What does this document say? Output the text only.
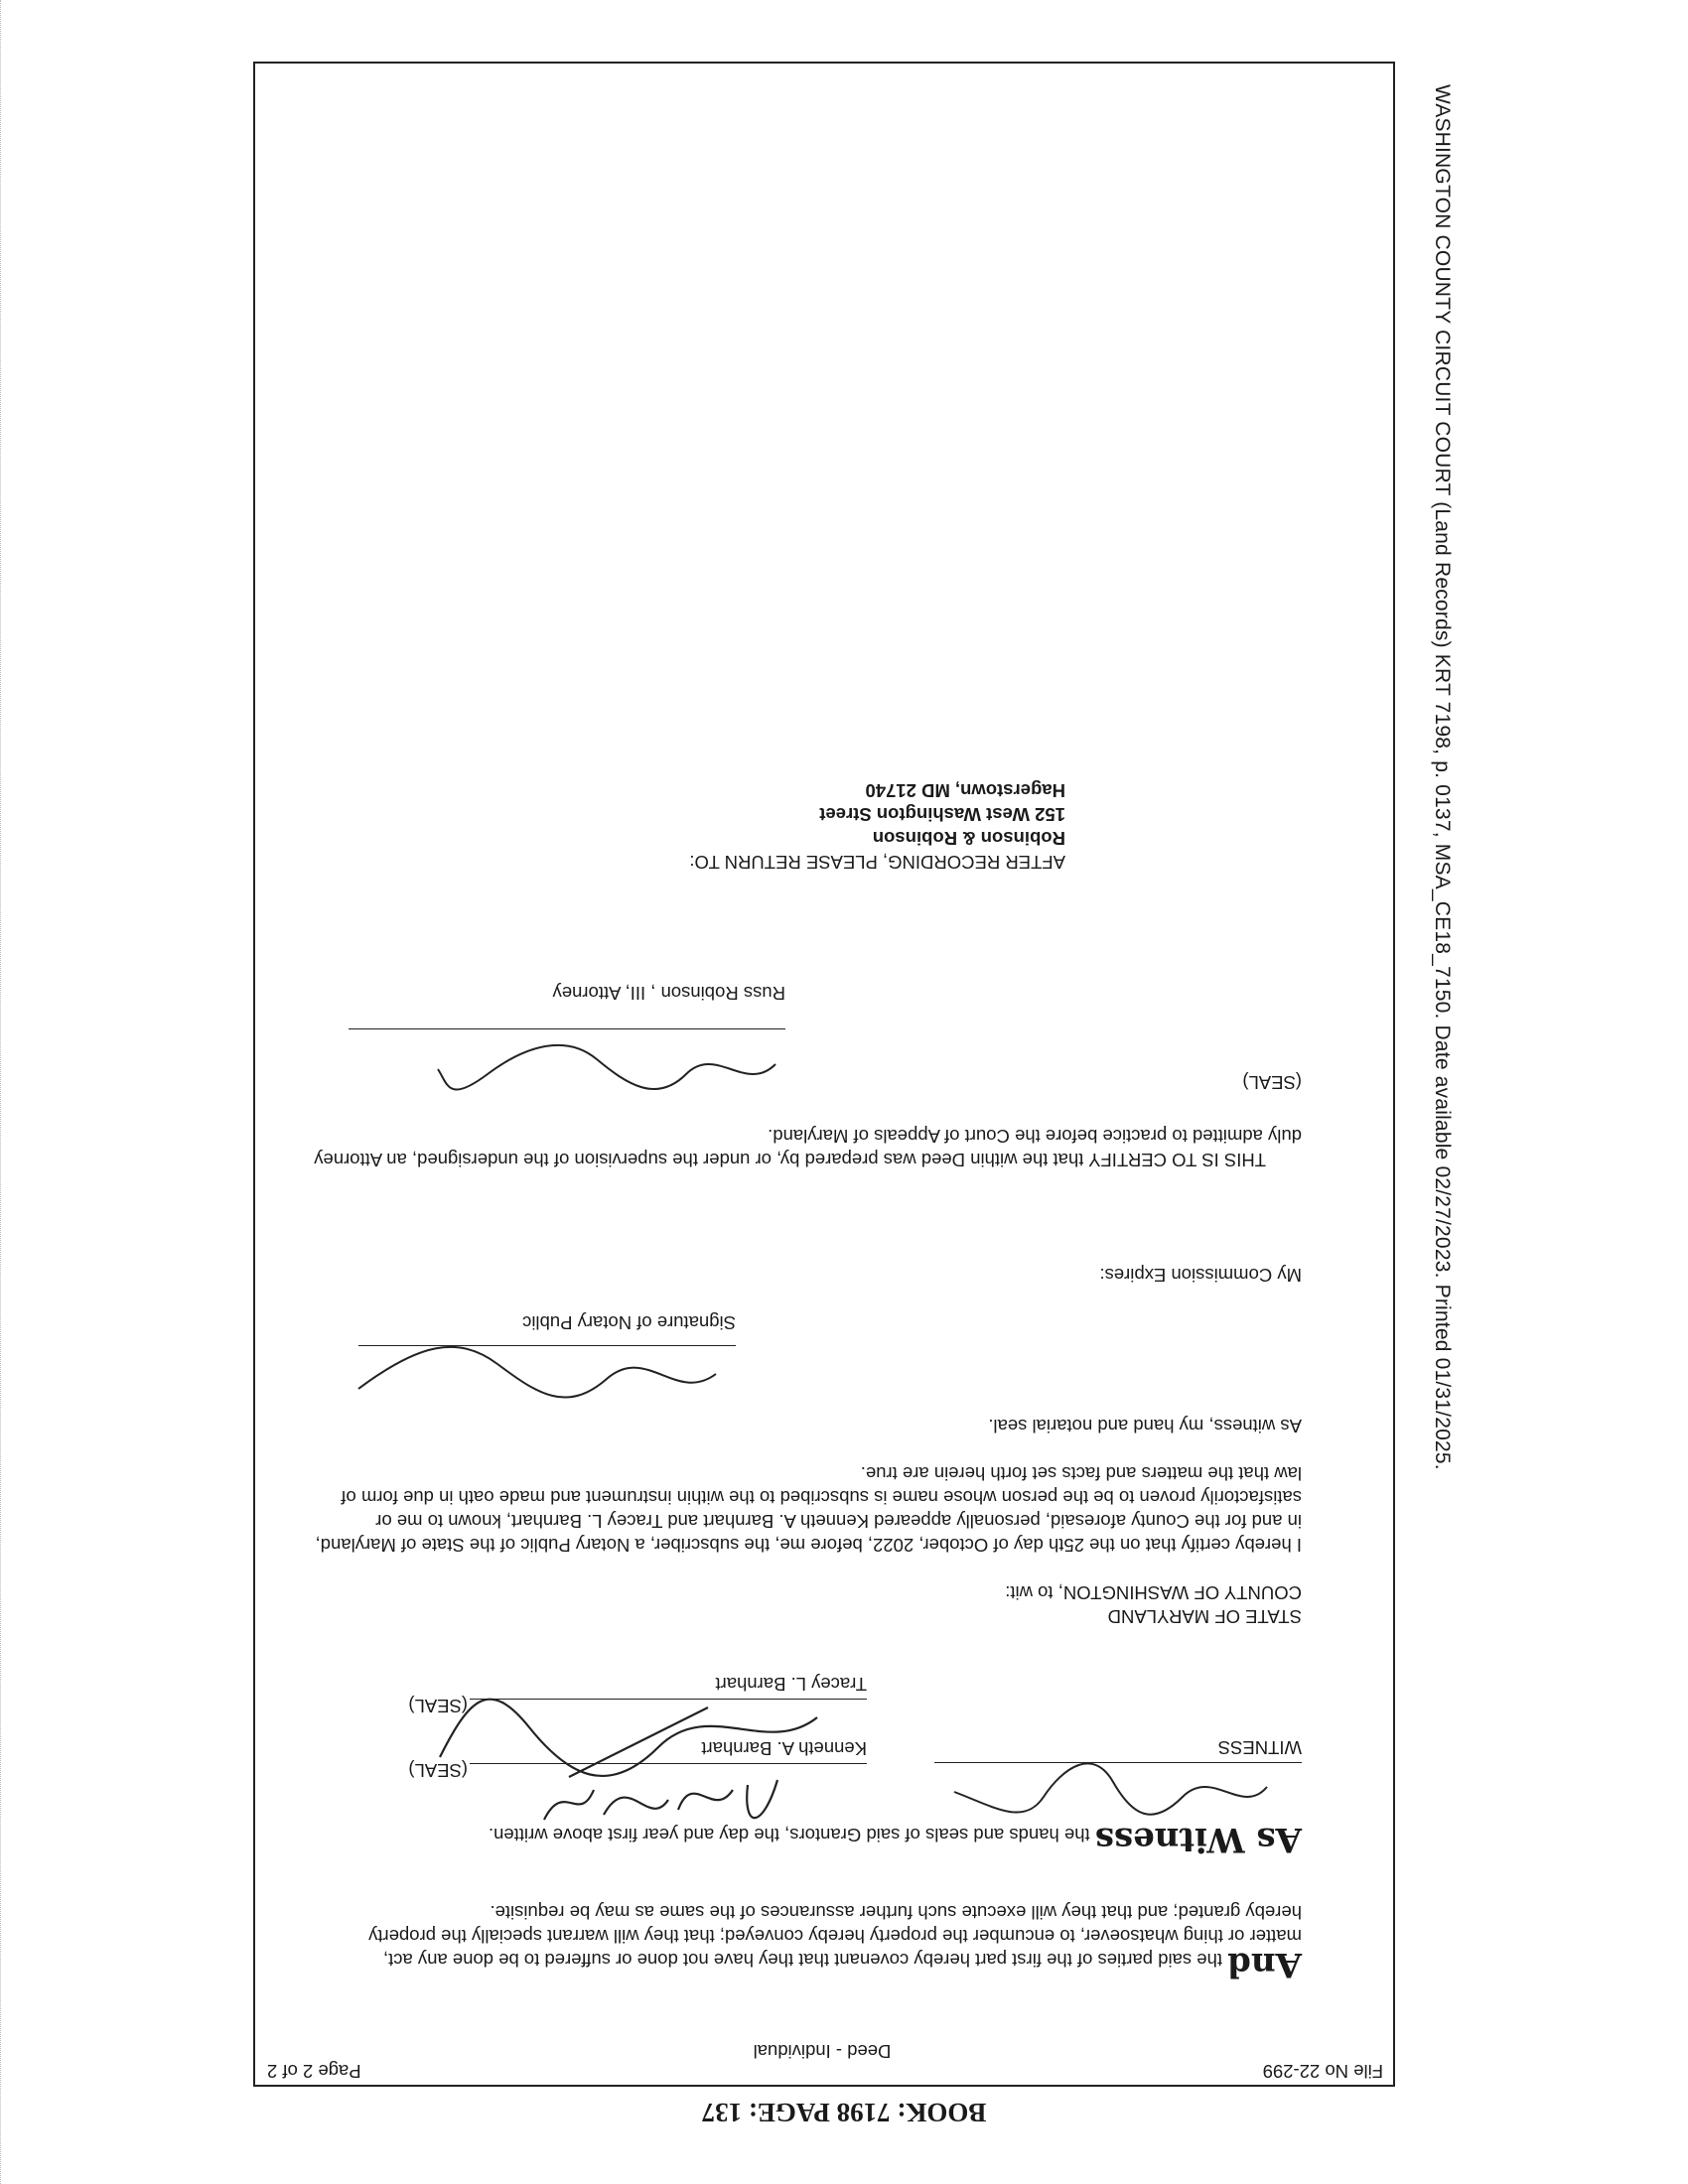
WASHINGTON COUNTY CIRCUIT COURT (Land Records) KRT 7198, p. 0137, MSA_CE18_7150. Date available 02/27/2023. Printed 01/31/2025.
File No 22-299
Deed - Individual
Page 2 of 2
And the said parties of the first part hereby covenant that they have not done or suffered to be done any act, matter or thing whatsoever, to encumber the property hereby conveyed; that they will warrant specially the property hereby granted; and that they will execute such further assurances of the same as may be requisite.
As Witness the hands and seals of said Grantors, the day and year first above written.
WITNESS
(SEAL)
Kenneth A. Barnhart
(SEAL)
Tracey L. Barnhart
STATE OF MARYLAND
COUNTY OF WASHINGTON, to wit:
I hereby certify that on the 25th day of October, 2022, before me, the subscriber, a Notary Public of the State of Maryland, in and for the County aforesaid, personally appeared Kenneth A. Barnhart and Tracey L. Barnhart, known to me or satisfactorily proven to be the person whose name is subscribed to the within instrument and made oath in due form of law that the matters and facts set forth herein are true.
As witness, my hand and notarial seal.
Signature of Notary Public
My Commission Expires:
THIS IS TO CERTIFY that the within Deed was prepared by, or under the supervision of the undersigned, an Attorney duly admitted to practice before the Court of Appeals of Maryland.
(SEAL)
Russ Robinson , III, Attorney
AFTER RECORDING, PLEASE RETURN TO:
Robinson & Robinson
152 West Washington Street
Hagerstown, MD 21740
BOOK: 7198 PAGE: 137
